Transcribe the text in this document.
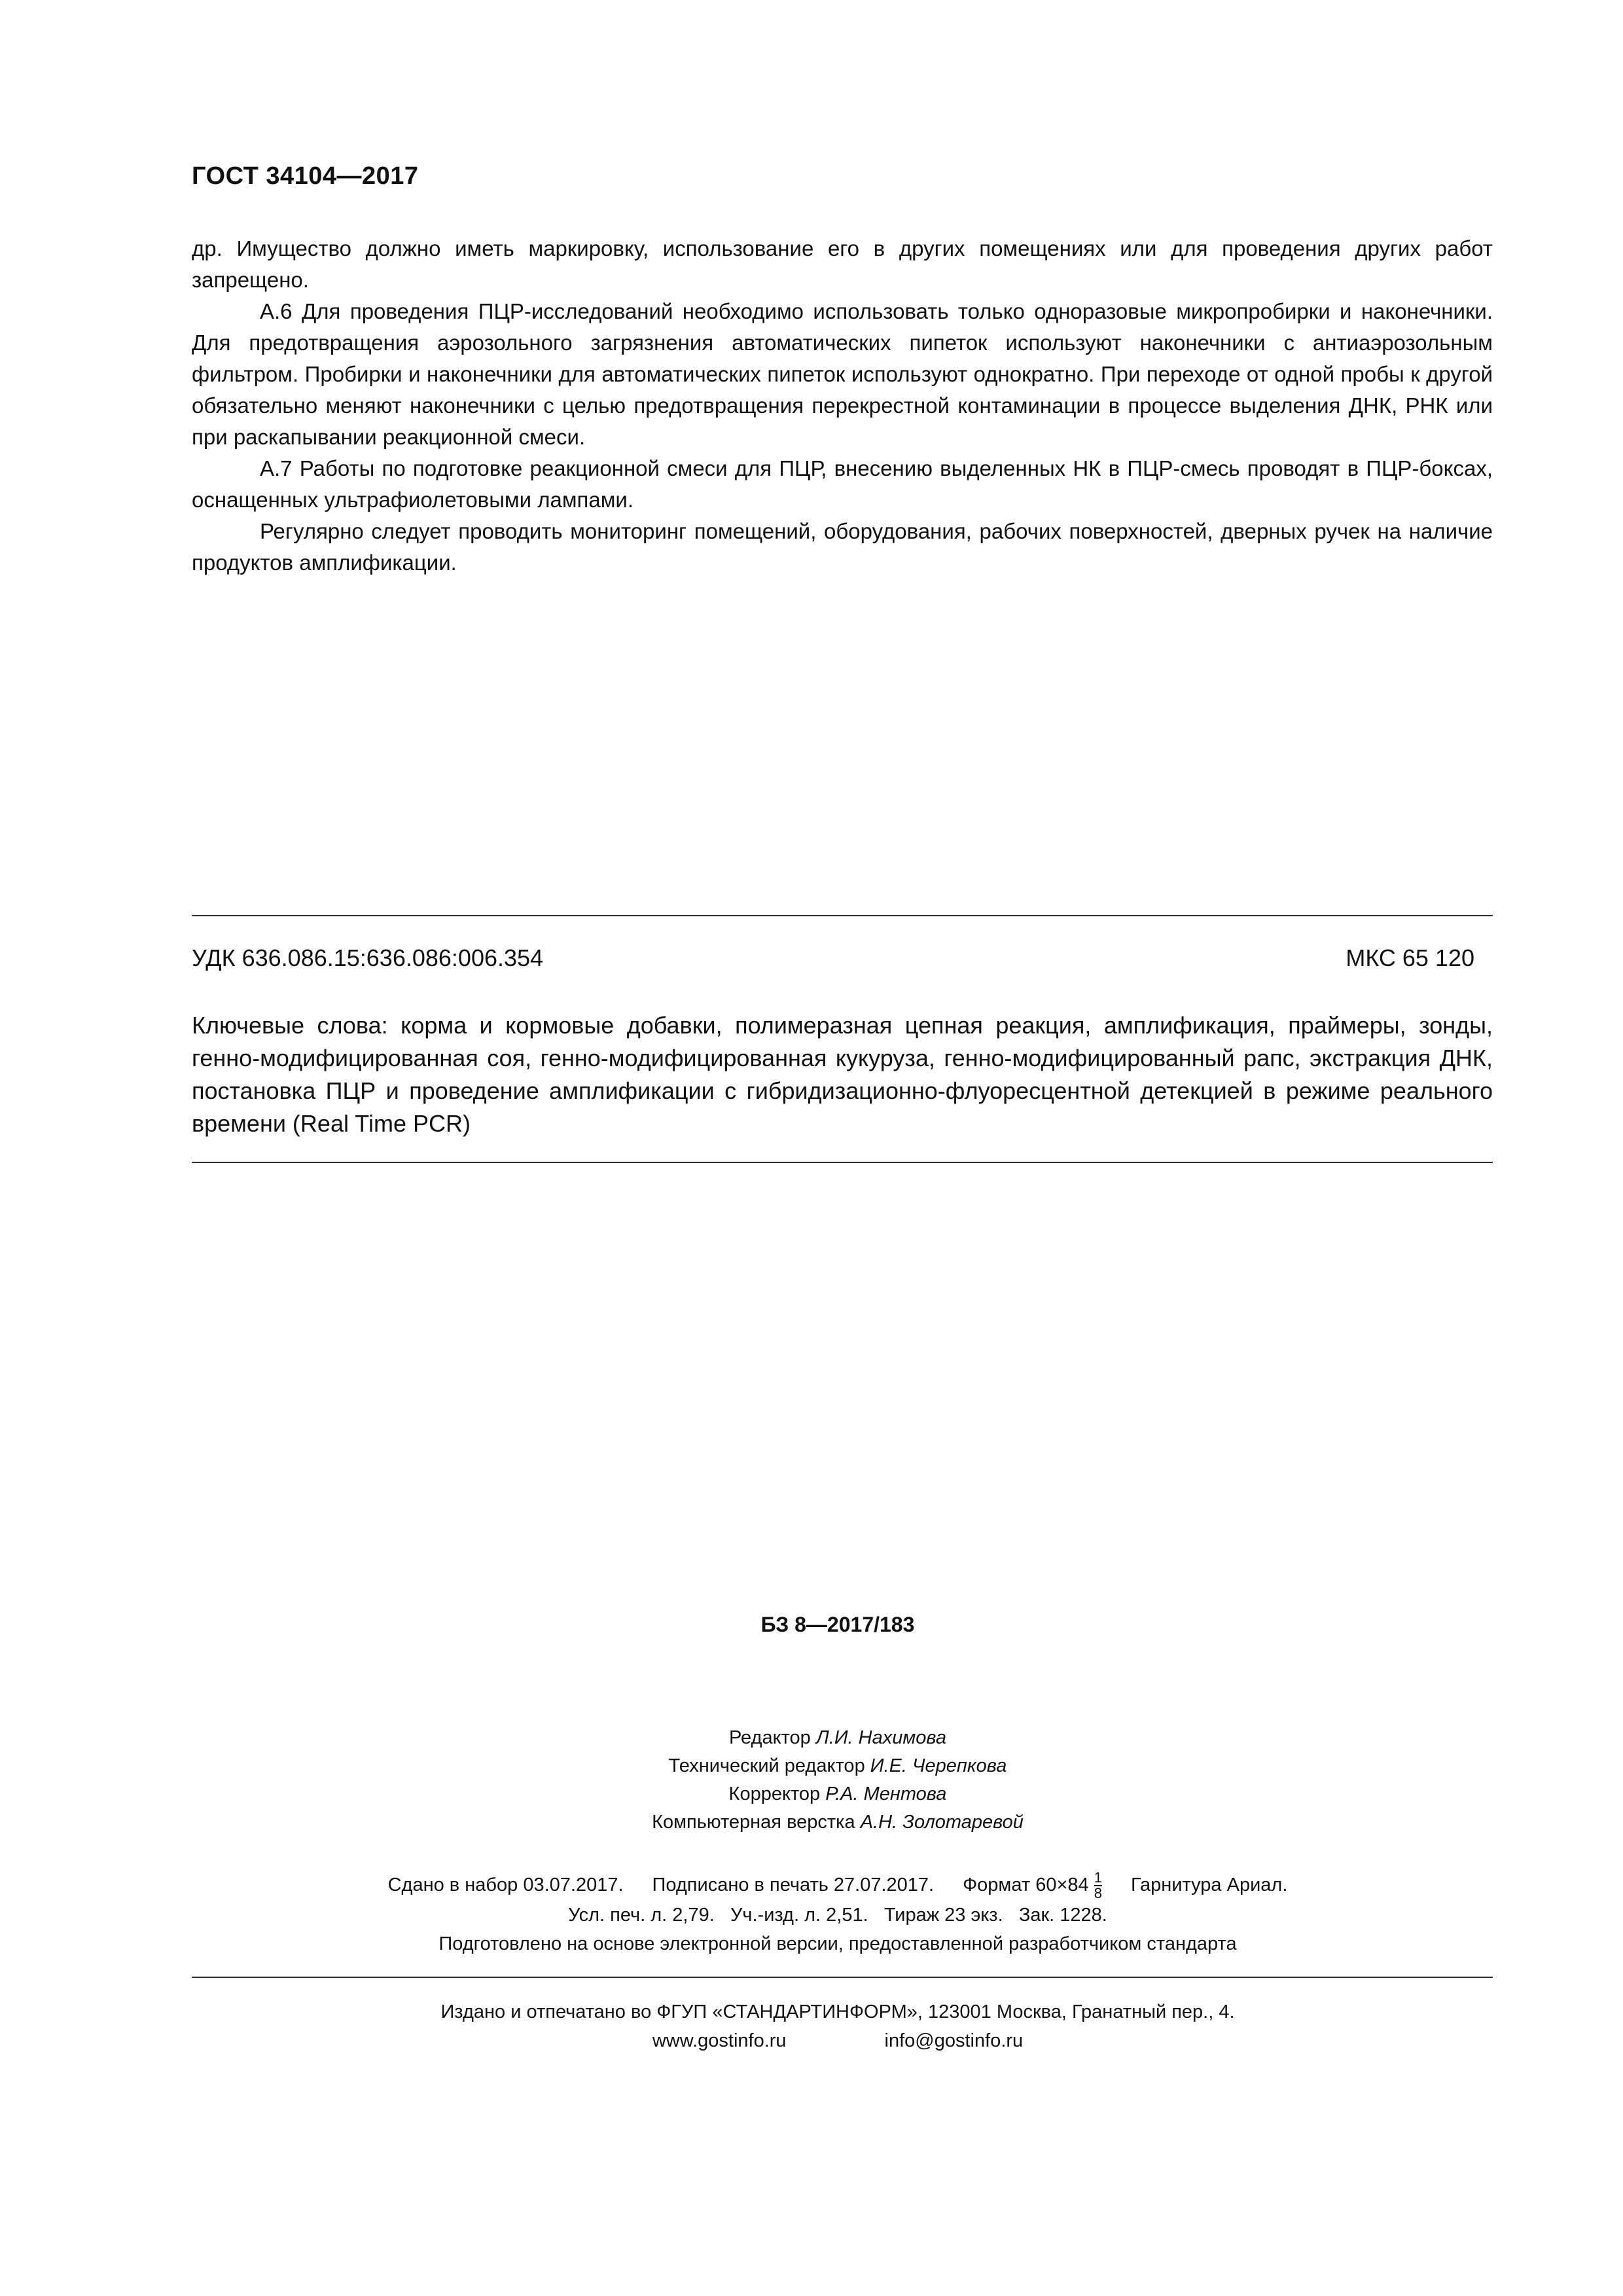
ГОСТ 34104—2017

др. Имущество должно иметь маркировку, использование его в других помещениях или для проведения других работ запрещено.

А.6 Для проведения ПЦР-исследований необходимо использовать только одноразовые микропробирки и наконечники. Для предотвращения аэрозольного загрязнения автоматических пипеток используют наконечники с антиаэрозольным фильтром. Пробирки и наконечники для автоматических пипеток используют однократно. При переходе от одной пробы к другой обязательно меняют наконечники с целью предотвращения перекрестной контаминации в процессе выделения ДНК, РНК или при раскапывании реакционной смеси.

А.7 Работы по подготовке реакционной смеси для ПЦР, внесению выделенных НК в ПЦР-смесь проводят в ПЦР-боксах, оснащенных ультрафиолетовыми лампами.

Регулярно следует проводить мониторинг помещений, оборудования, рабочих поверхностей, дверных ручек на наличие продуктов амплификации.

УДК 636.086.15:636.086:006.354	МКС 65 120
Ключевые слова: корма и кормовые добавки, полимеразная цепная реакция, амплификация, праймеры, зонды, генно-модифицированная соя, генно-модифицированная кукуруза, генно-модифицированный рапс, экстракция ДНК, постановка ПЦР и проведение амплификации с гибридизационно-флуоресцентной детекцией в режиме реального времени (Real Time PCR)
БЗ 8—2017/183
Редактор Л.И. Нахимова
Технический редактор И.Е. Черепкова
Корректор Р.А. Ментова
Компьютерная верстка А.Н. Золотаревой
Сдано в набор 03.07.2017. Подписано в печать 27.07.2017. Формат $60\times 84 \frac{1}{8}$ Гарнитура Ариал.
Усл. печ. л. 2,79. Уч.-изд. л. 2,51. Тираж 23 экз. Зак. 1228.
Подготовлено на основе электронной версии, предоставленной разработчиком стандарта
Издано и отпечатано во ФГУП «СТАНДАРТИНФОРМ», 123001 Москва, Гранатный пер., 4.
www.gostinfo.ru	info@gostinfo.ru
